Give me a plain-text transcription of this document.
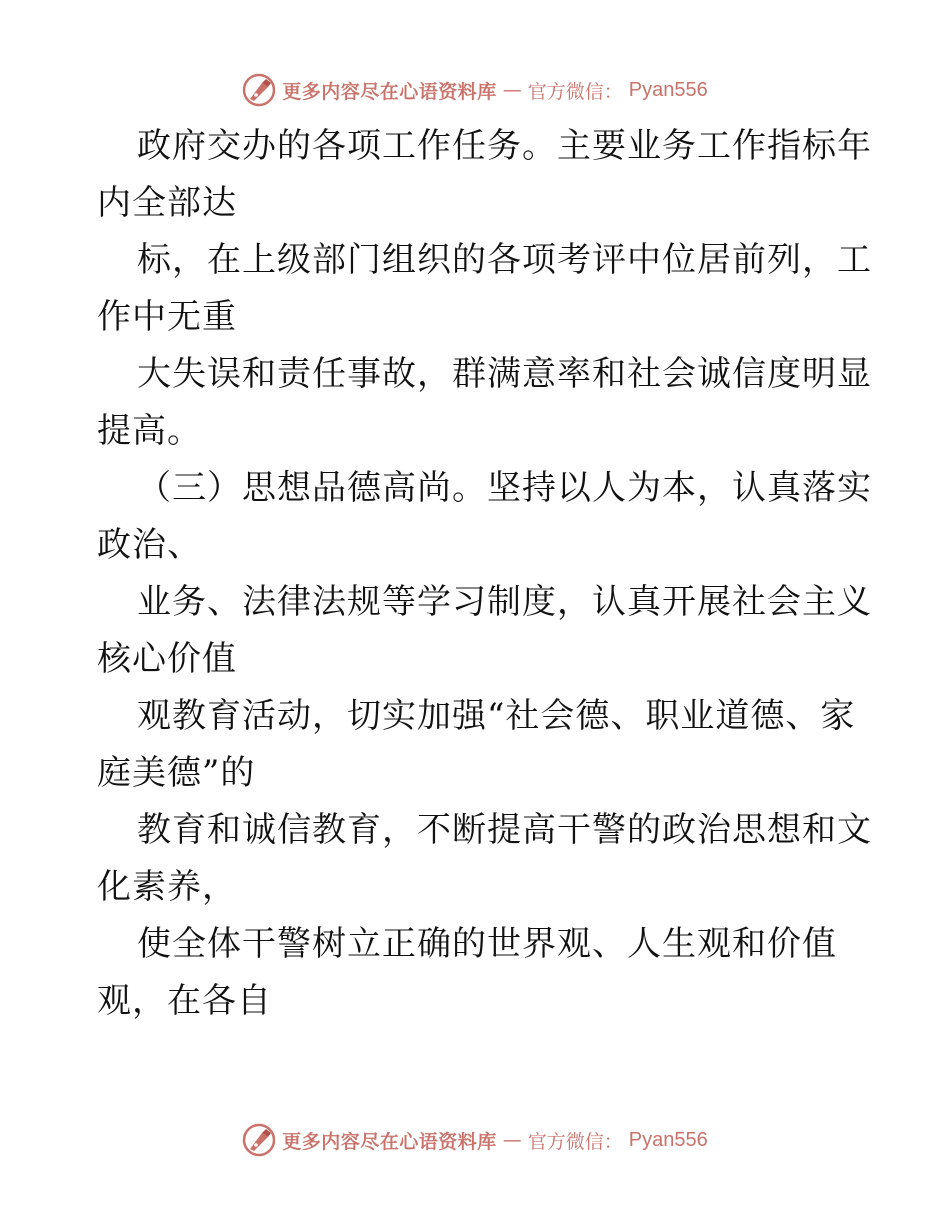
更多内容尽在心语资料库 — 官方微信： Pyan556
政府交办的各项工作任务。主要业务工作指标年
内全部达
标，在上级部门组织的各项考评中位居前列，工
作中无重
大失误和责任事故，群满意率和社会诚信度明显
提高。
（三）思想品德高尚。坚持以人为本，认真落实
政治、
业务、法律法规等学习制度，认真开展社会主义
核心价值
观教育活动，切实加强“社会德、职业道德、家
庭美德”的
教育和诚信教育，不断提高干警的政治思想和文
化素养，
使全体干警树立正确的世界观、人生观和价值
观，在各自
更多内容尽在心语资料库 — 官方微信： Pyan556
